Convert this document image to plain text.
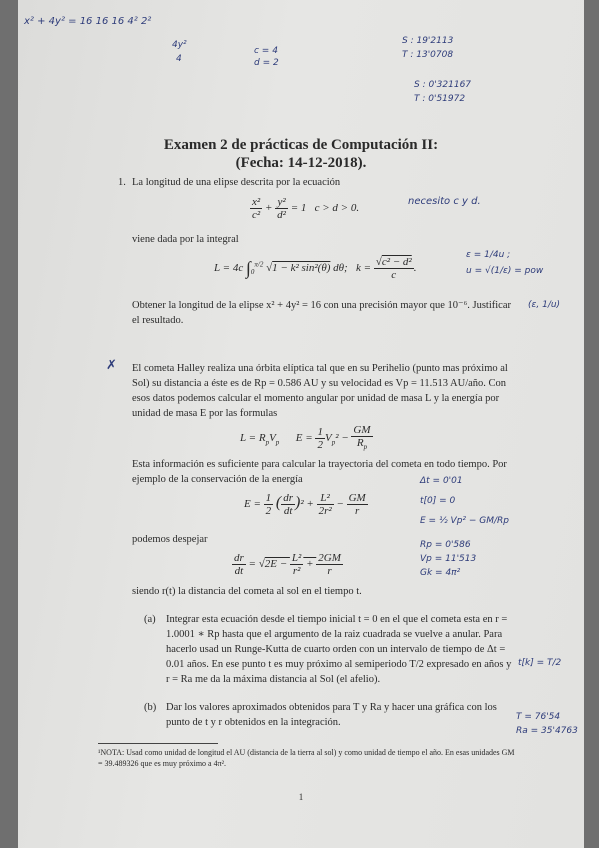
x² + 4y² = 16 16 16 4² 2²
4y²
4
c = 4
d = 2
S : 19'2113
T : 13'0708
S : 0'321167
T : 0'51972
Examen 2 de prácticas de Computación II:
(Fecha: 14-12-2018).
1. La longitud de una elipse descrita por la ecuación
$\frac{\text{x²}}{\text{c²}} + \frac{\text{y²}}{\text{d²}} = 1$   c > d > 0.
necesito c y d.
viene dada por la integral
L = 4c $\int_0^{\pi/2}$ √1 − k² sin²(θ) dθ;   $k = \frac{\text{√c² − d²}}{c}$ .
ε = 1/4u ;
u = √(1/ε) = pow
(ε, 1/u)
Obtener la longitud de la elipse x² + 4y² = 16 con una precisión mayor que 10⁻⁶. Justificar el resultado.
✗ El cometa Halley realiza una órbita elíptica tal que en su Perihelio (punto mas próximo al Sol) su distancia a éste es de Rp = 0.586 AU y su velocidad es Vp = 11.513 AU/año. Con esos datos podemos calcular el momento angular por unidad de masa L y la energía por unidad de masa E por las formulas
$L = R_pV_p$      $E = \frac{1}{2} V_p^2 - \frac{GM}{R_p}$
Esta información es suficiente para calcular la trayectoria del cometa en todo tiempo. Por ejemplo de la conservación de la energía
$E = \frac{1}{2}$ ( $\frac{dr}{dt} )^2 + \frac{\text{L²}}{\text{2r²}} - \frac{GM}{r}$
Δt = 0'01
t[0] = 0
E = ½ Vp² − GM/Rp
podemos despejar
$\frac{dr}{dt} = √2E - \frac{\text{L²}}{\text{r²}} + \frac{2GM}{r}$
Rp = 0'586
Vp = 11'513
Gk = 4π²
siendo r(t) la distancia del cometa al sol en el tiempo t.
(a) Integrar esta ecuación desde el tiempo inicial t = 0 en el que el cometa esta en r = 1.0001 ∗ Rp hasta que el argumento de la raiz cuadrada se vuelve a anular. Para hacerlo usad un Runge-Kutta de cuarto orden con un intervalo de tiempo de Δt = 0.01 años. En ese punto t es muy próximo al semiperiodo T/2 expresado en años y r = Ra me da la máxima distancia al Sol (el afelio).
t[k] = T/2
(b) Dar los valores aproximados obtenidos para T y Ra y hacer una gráfica con los punto de t y r obtenidos en la integración.	T = 76'54
Ra = 35'4763
¹NOTA: Usad como unidad de longitud el AU (distancia de la tierra al sol) y como unidad de tiempo el año. En esas unidades GM = 39.489326 que es muy próximo a 4π².
1
